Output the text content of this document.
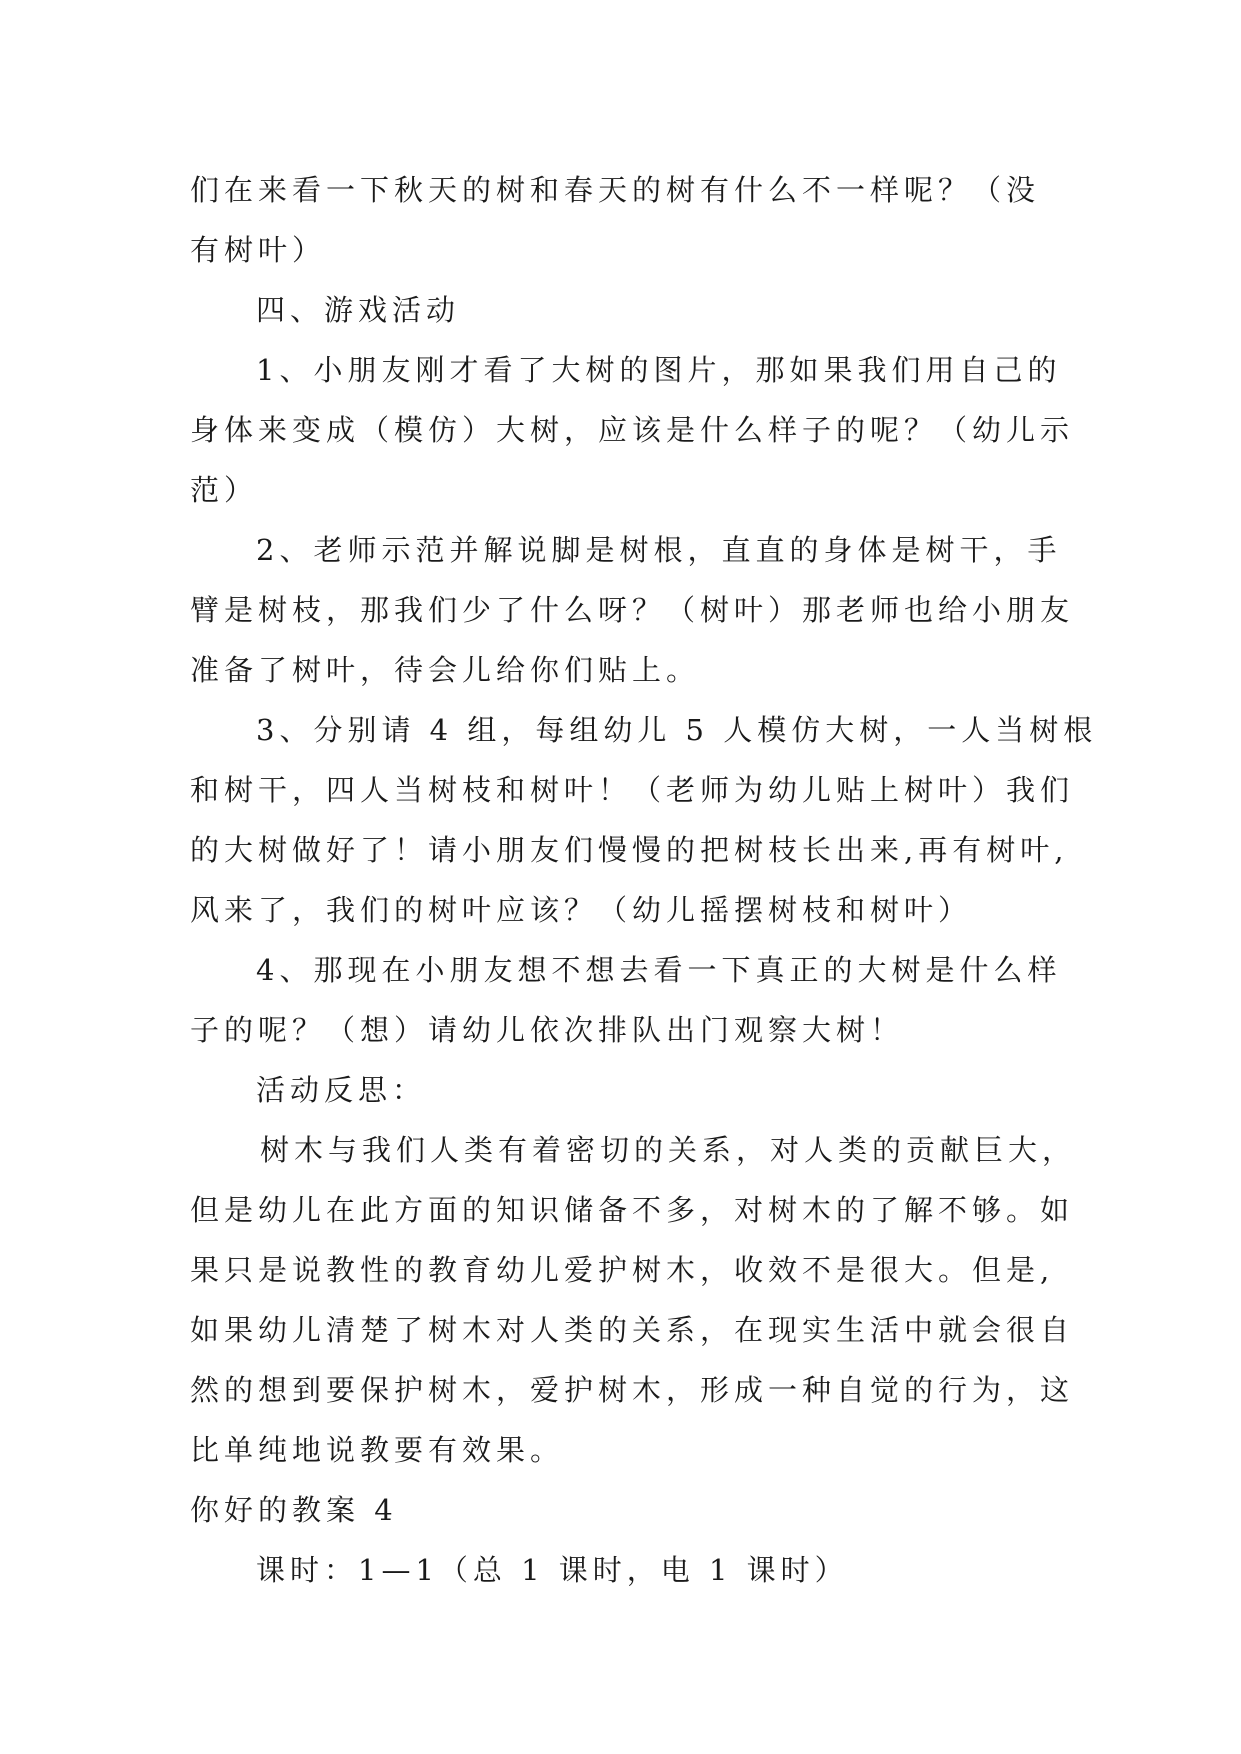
们在来看一下秋天的树和春天的树有什么不一样呢？（没

有树叶）

四、游戏活动

1、小朋友刚才看了大树的图片，那如果我们用自己的

身体来变成（模仿）大树，应该是什么样子的呢？（幼儿示

范）

2、老师示范并解说脚是树根，直直的身体是树干，手

臂是树枝，那我们少了什么呀？（树叶）那老师也给小朋友

准备了树叶，待会儿给你们贴上。

3、分别请 4 组，每组幼儿 5 人模仿大树，一人当树根

和树干，四人当树枝和树叶！（老师为幼儿贴上树叶）我们

的大树做好了！请小朋友们慢慢的把树枝长出来,再有树叶,

风来了，我们的树叶应该？（幼儿摇摆树枝和树叶）

4、那现在小朋友想不想去看一下真正的大树是什么样

子的呢？（想）请幼儿依次排队出门观察大树！

活动反思：

树木与我们人类有着密切的关系，对人类的贡献巨大，

但是幼儿在此方面的知识储备不多，对树木的了解不够。如

果只是说教性的教育幼儿爱护树木，收效不是很大。但是,

如果幼儿清楚了树木对人类的关系，在现实生活中就会很自

然的想到要保护树木，爱护树木，形成一种自觉的行为，这

比单纯地说教要有效果。

你好的教案 4

课时：1—1（总 1 课时，电 1 课时）
